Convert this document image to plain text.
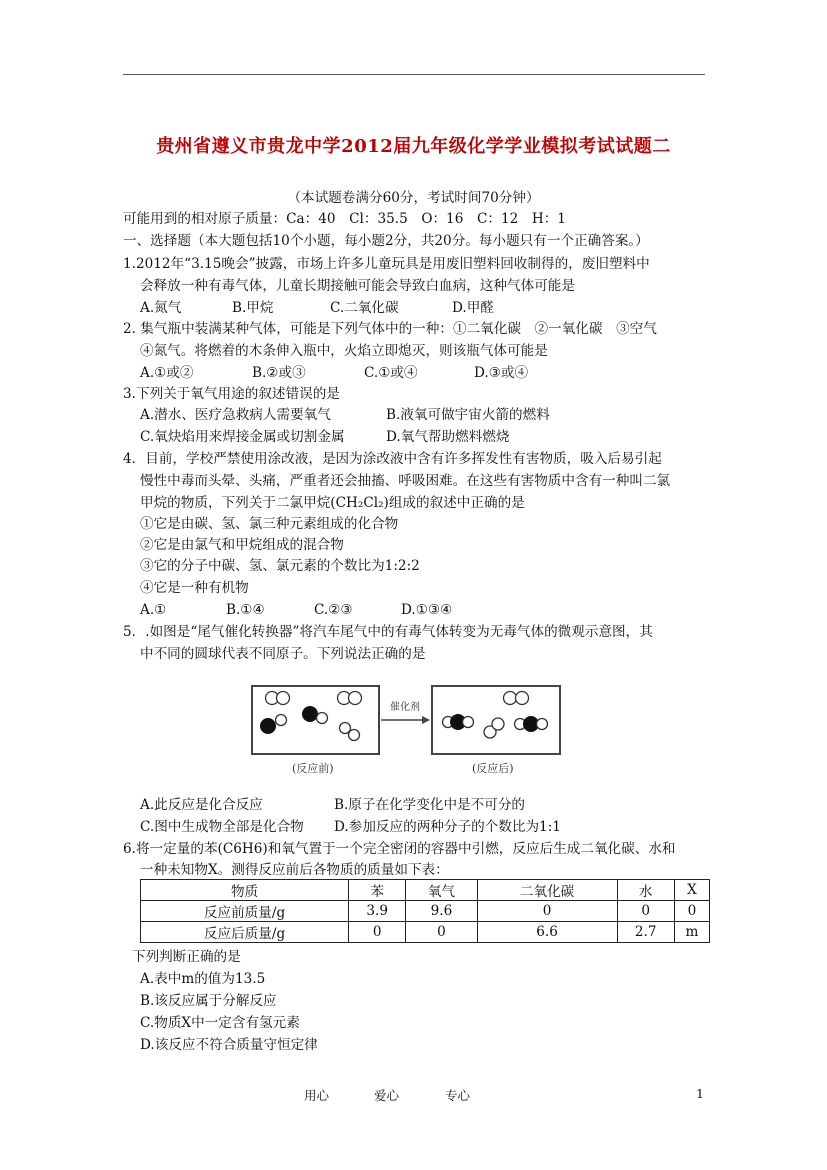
贵州省遵义市贵龙中学2012届九年级化学学业模拟考试试题二
（本试题卷满分60分，考试时间70分钟）
可能用到的相对原子质量：Ca：40　Cl：35.5　O：16　C：12　H：1
一、选择题（本大题包括10个小题，每小题2分，共20分。每小题只有一个正确答案。）
1.2012年“3.15晚会”披露，市场上许多儿童玩具是用废旧塑料回收制得的，废旧塑料中
会释放一种有毒气体，儿童长期接触可能会导致白血病，这种气体可能是
A.氮气	B.甲烷	C.二氧化碳	D.甲醛
2. 集气瓶中装满某种气体，可能是下列气体中的一种：①二氧化碳　②一氧化碳　③空气
④氮气。将燃着的木条伸入瓶中，火焰立即熄灭，则该瓶气体可能是
A.①或②	B.②或③	C.①或④	D.③或④
3.下列关于氧气用途的叙述错误的是
A.潜水、医疗急救病人需要氧气	B.液氧可做宇宙火箭的燃料
C.氧炔焰用来焊接金属或切割金属	D.氧气帮助燃料燃烧
4．目前，学校严禁使用涂改液，是因为涂改液中含有许多挥发性有害物质，吸入后易引起
慢性中毒而头晕、头痛，严重者还会抽搐、呼吸困难。在这些有害物质中含有一种叫二氯
甲烷的物质，下列关于二氯甲烷(CH₂Cl₂)组成的叙述中正确的是
①它是由碳、氢、氯三种元素组成的化合物
②它是由氯气和甲烷组成的混合物
③它的分子中碳、氢、氯元素的个数比为1:2:2
④它是一种有机物
A.①	B.①④	C.②③	D.①③④
5．.如图是“尾气催化转换器”将汽车尾气中的有毒气体转变为无毒气体的微观示意图，其
中不同的圆球代表不同原子。下列说法正确的是
催化剂
(反应前)	(反应后)
A.此反应是化合反应	B.原子在化学变化中是不可分的
C.图中生成物全部是化合物 D.参加反应的两种分子的个数比为1:1
6.将一定量的苯(C6H6)和氧气置于一个完全密闭的容器中引燃，反应后生成二氧化碳、水和
一种未知物X。测得反应前后各物质的质量如下表：
物质	苯	氧气	二氧化碳	水	X
反应前质量/g	3.9	9.6	0	0	0
反应后质量/g	0	0	6.6	2.7	m
下列判断正确的是
A.表中m的值为13.5
B.该反应属于分解反应
C.物质X中一定含有氢元素
D.该反应不符合质量守恒定律
用心	爱心	专心	1
